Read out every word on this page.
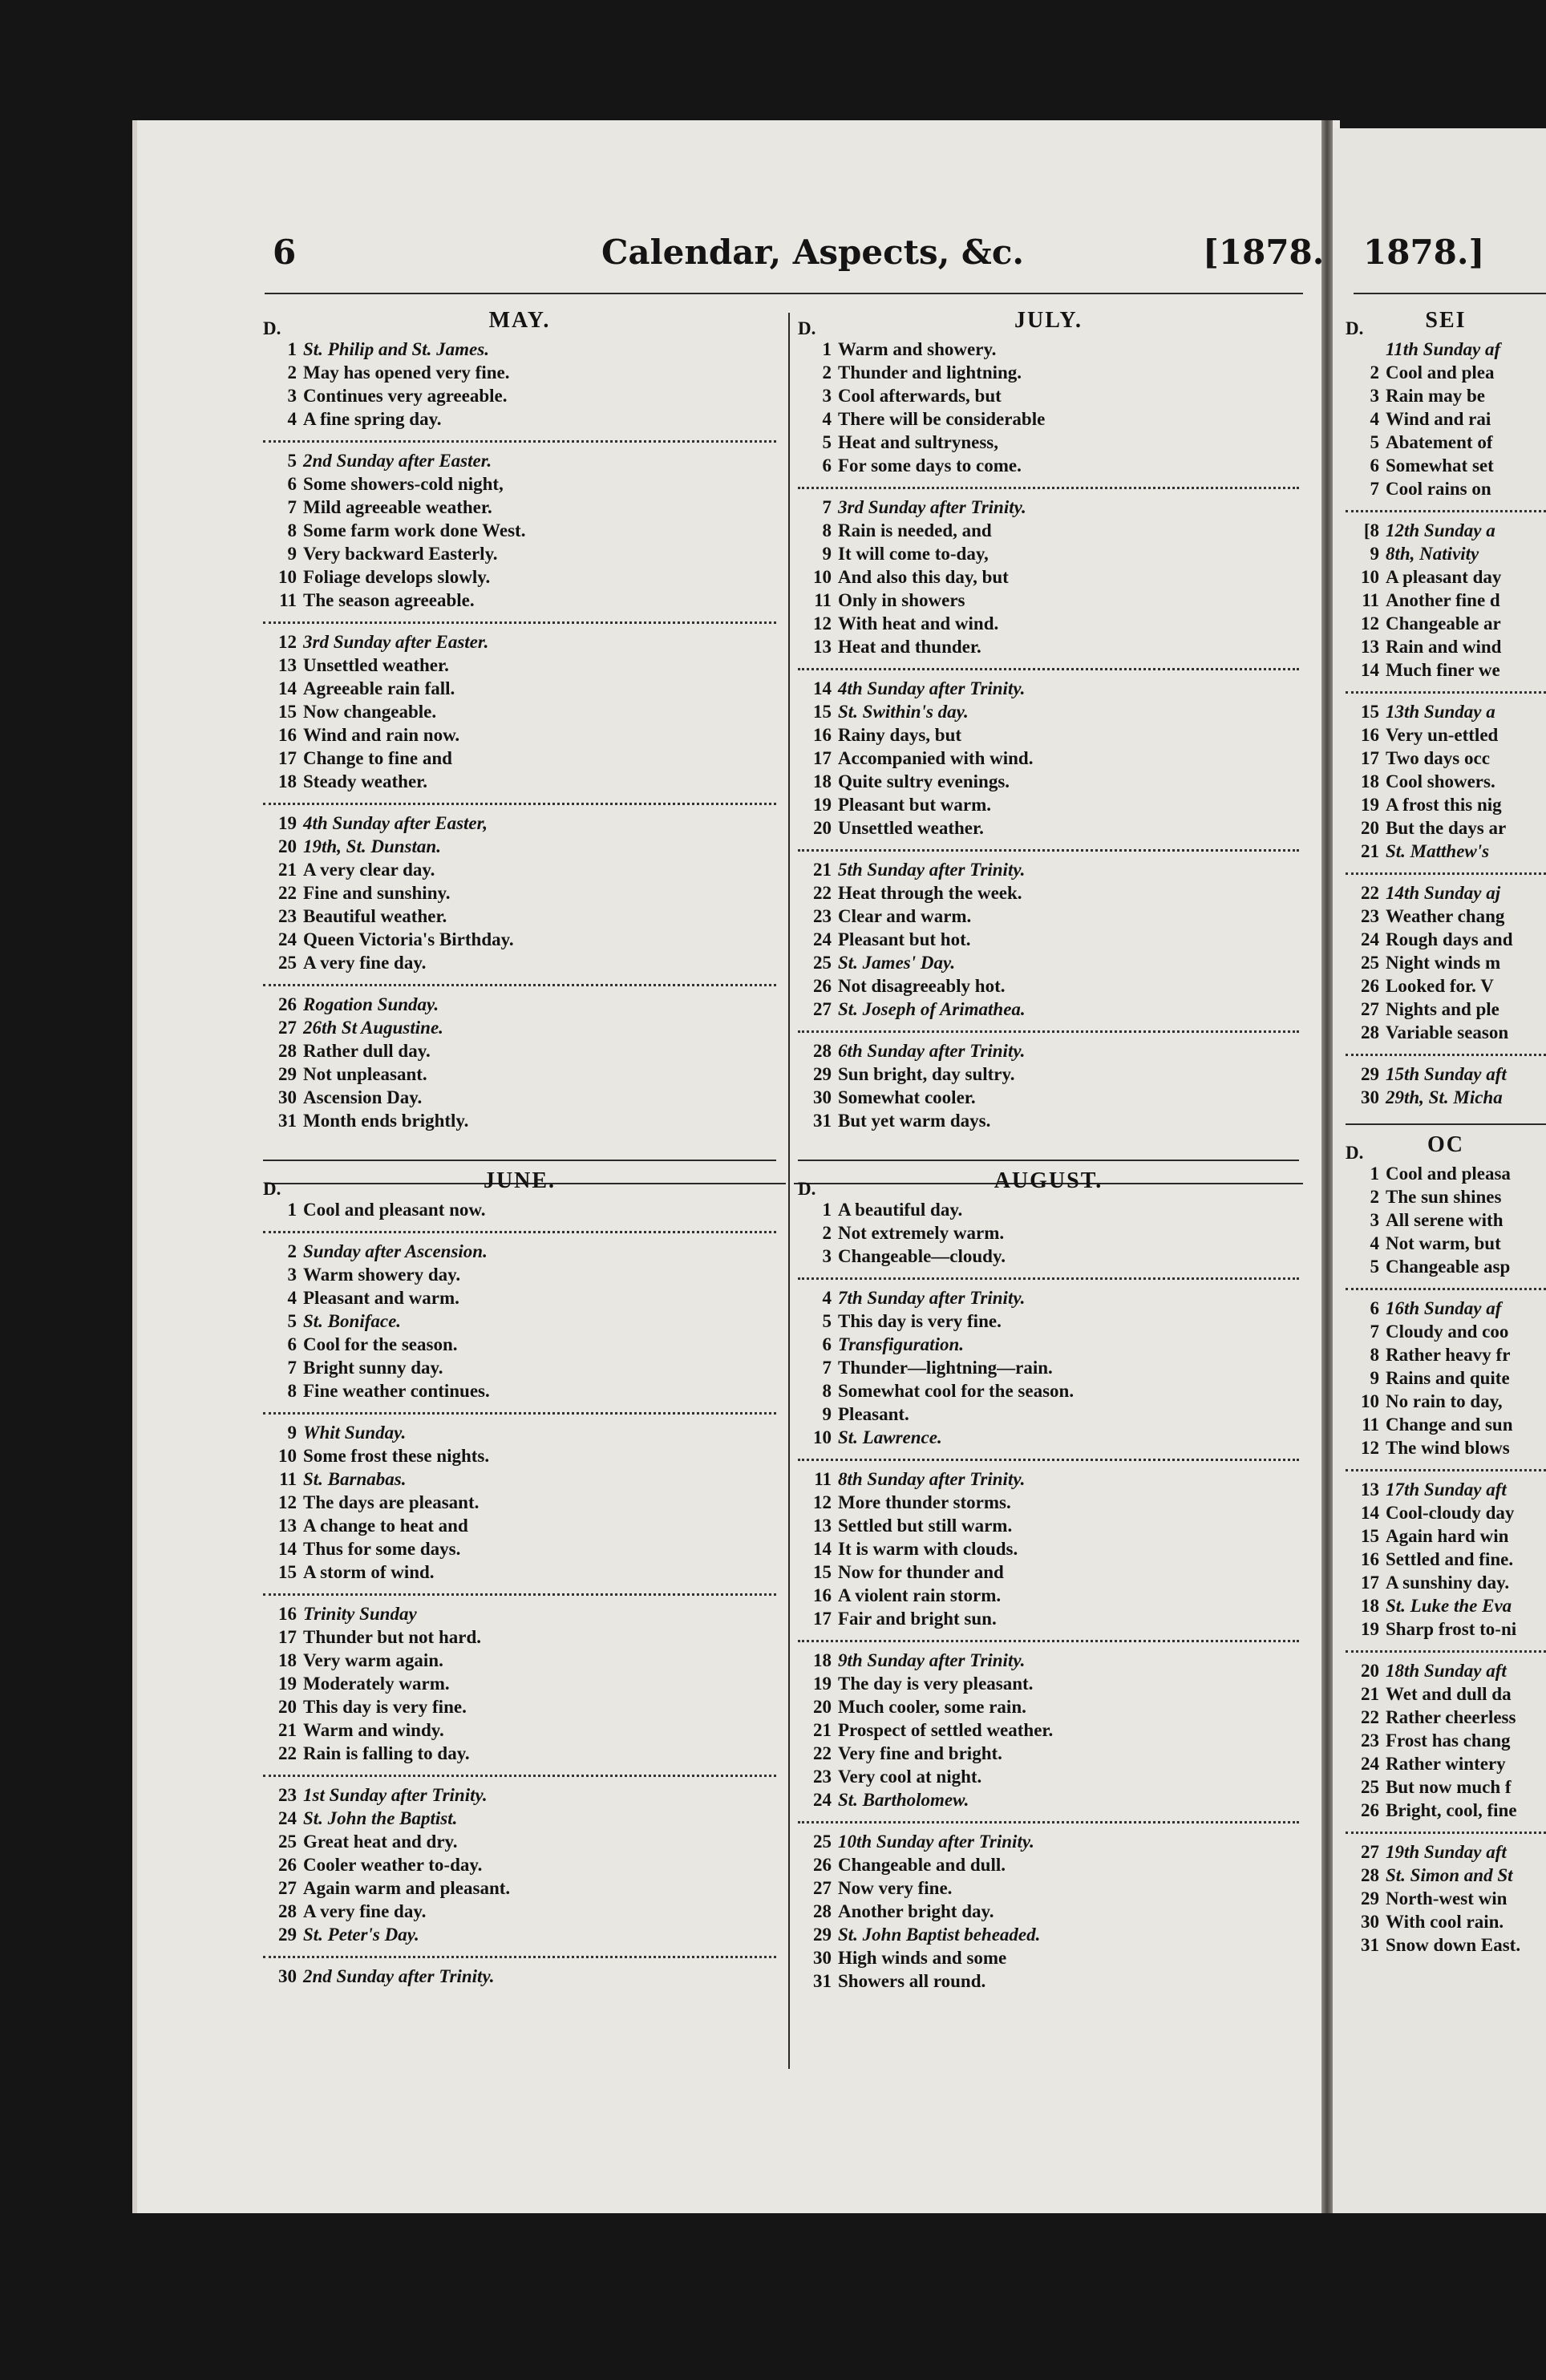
6	Calendar, Aspects, &c.	[1878. 1878.]
D.	MAY.
1 St. Philip and St. James.
2 May has opened very fine.
3 Continues very agreeable.
4 A fine spring day.
5 2nd Sunday after Easter.
6 Some showers-cold night,
7 Mild agreeable weather.
8 Some farm work done West.
9 Very backward Easterly.
10 Foliage develops slowly.
11 The season agreeable.
12 3rd Sunday after Easter.
13 Unsettled weather.
14 Agreeable rain fall.
15 Now changeable.
16 Wind and rain now.
17 Change to fine and
18 Steady weather.
19 4th Sunday after Easter,
20 19th, St. Dunstan.
21 A very clear day.
22 Fine and sunshiny.
23 Beautiful weather.
24 Queen Victoria's Birthday.
25 A very fine day.
26 Rogation Sunday.
27 26th St Augustine.
28 Rather dull day.
29 Not unpleasant.
30 Ascension Day.
31 Month ends brightly.
D.	JUNE.
1 Cool and pleasant now.
2 Sunday after Ascension.
3 Warm showery day.
4 Pleasant and warm.
5 St. Boniface.
6 Cool for the season.
7 Bright sunny day.
8 Fine weather continues.
9 Whit Sunday.
10 Some frost these nights.
11 St. Barnabas.
12 The days are pleasant.
13 A change to heat and
14 Thus for some days.
15 A storm of wind.
16 Trinity Sunday
17 Thunder but not hard.
18 Very warm again.
19 Moderately warm.
20 This day is very fine.
21 Warm and windy.
22 Rain is falling to day.
23 1st Sunday after Trinity.
24 St. John the Baptist.
25 Great heat and dry.
26 Cooler weather to-day.
27 Again warm and pleasant.
28 A very fine day.
29 St. Peter's Day.
30 2nd Sunday after Trinity.
D.	JULY.
1 Warm and showery.
2 Thunder and lightning.
3 Cool afterwards, but
4 There will be considerable
5 Heat and sultryness,
6 For some days to come.
7 3rd Sunday after Trinity.
8 Rain is needed, and
9 It will come to-day,
10 And also this day, but
11 Only in showers
12 With heat and wind.
13 Heat and thunder.
14 4th Sunday after Trinity.
15 St. Swithin's day.
16 Rainy days, but
17 Accompanied with wind.
18 Quite sultry evenings.
19 Pleasant but warm.
20 Unsettled weather.
21 5th Sunday after Trinity.
22 Heat through the week.
23 Clear and warm.
24 Pleasant but hot.
25 St. James' Day.
26 Not disagreeably hot.
27 St. Joseph of Arimathea.
28 6th Sunday after Trinity.
29 Sun bright, day sultry.
30 Somewhat cooler.
31 But yet warm days.
D.	AUGUST.
1 A beautiful day.
2 Not extremely warm.
3 Changeable—cloudy.
4 7th Sunday after Trinity.
5 This day is very fine.
6 Transfiguration.
7 Thunder—lightning—rain.
8 Somewhat cool for the season.
9 Pleasant.
10 St. Lawrence.
11 8th Sunday after Trinity.
12 More thunder storms.
13 Settled but still warm.
14 It is warm with clouds.
15 Now for thunder and
16 A violent rain storm.
17 Fair and bright sun.
18 9th Sunday after Trinity.
19 The day is very pleasant.
20 Much cooler, some rain.
21 Prospect of settled weather.
22 Very fine and bright.
23 Very cool at night.
24 St. Bartholomew.
25 10th Sunday after Trinity.
26 Changeable and dull.
27 Now very fine.
28 Another bright day.
29 St. John Baptist beheaded.
30 High winds and some
31 Showers all round.
D.	SEI
11th Sunday af
2 Cool and plea
3 Rain may be
4 Wind and rai
5 Abatement of
6 Somewhat set
7 Cool rains on
[8 12th Sunday a
9 8th, Nativity
10 A pleasant day
11 Another fine d
12 Changeable ar
13 Rain and wind
14 Much finer we
15 13th Sunday a
16 Very un-ettled
17 Two days occ
18 Cool showers.
19 A frost this nig
20 But the days ar
21 St. Matthew's
22 14th Sunday aj
23 Weather chang
24 Rough days and
25 Night winds m
26 Looked for. V
27 Nights and ple
28 Variable season
29 15th Sunday aft
30 29th, St. Micha
D.	OC
1 Cool and pleasa
2 The sun shines
3 All serene with
4 Not warm, but
5 Changeable asp
6 16th Sunday af
7 Cloudy and coo
8 Rather heavy fr
9 Rains and quite
10 No rain to day,
11 Change and sun
12 The wind blows
13 17th Sunday aft
14 Cool-cloudy day
15 Again hard win
16 Settled and fine.
17 A sunshiny day.
18 St. Luke the Eva
19 Sharp frost to-ni
20 18th Sunday aft
21 Wet and dull da
22 Rather cheerless
23 Frost has chang
24 Rather wintery
25 But now much f
26 Bright, cool, fine
27 19th Sunday aft
28 St. Simon and St
29 North-west win
30 With cool rain.
31 Snow down East.
